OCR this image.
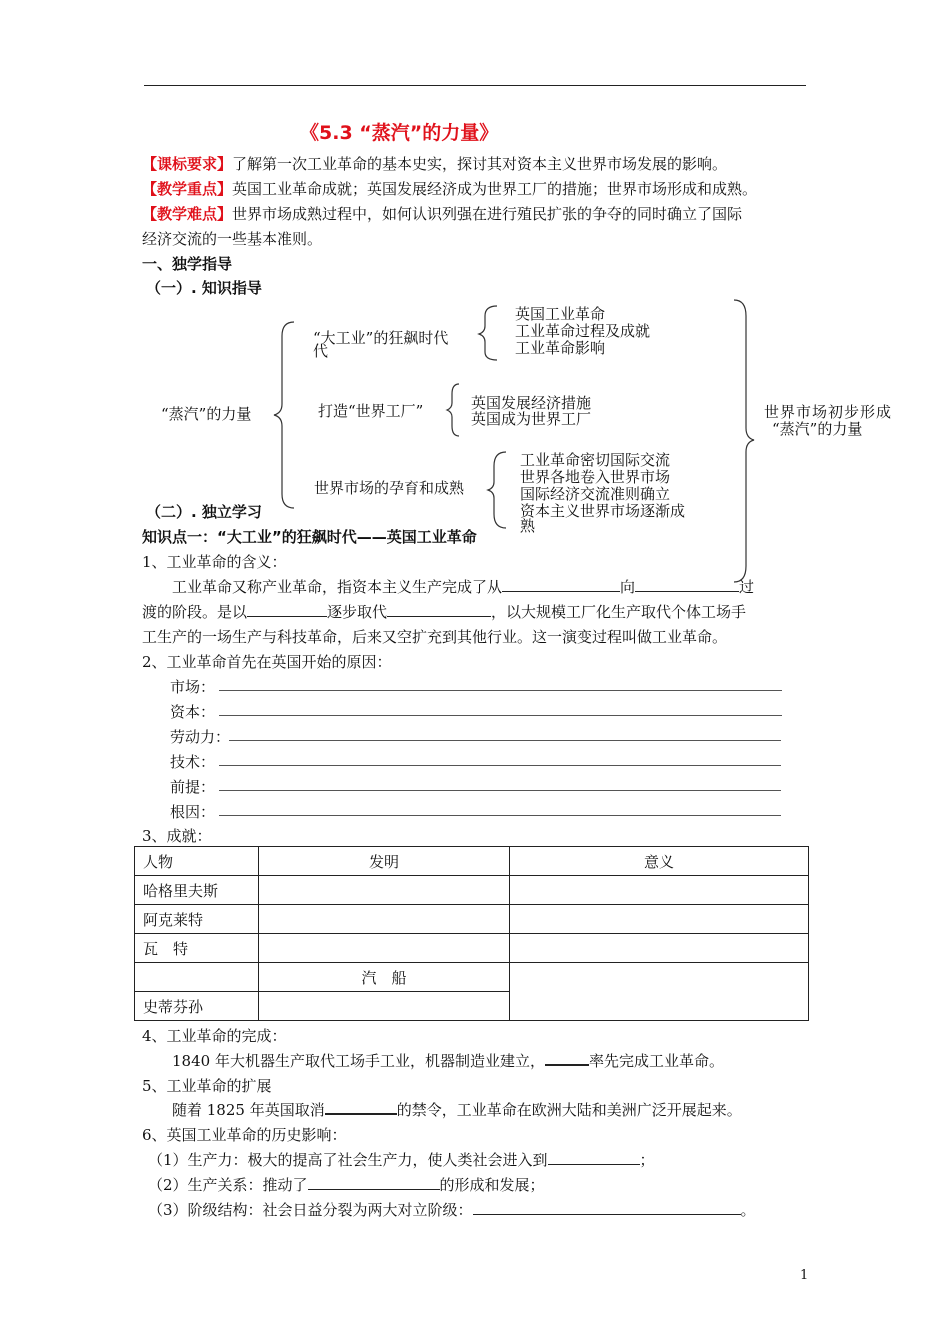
《5.3 “蒸汽”的力量》
【课标要求】了解第一次工业革命的基本史实，探讨其对资本主义世界市场发展的影响。
【教学重点】英国工业革命成就；英国发展经济成为世界工厂的措施；世界市场形成和成熟。
【教学难点】世界市场成熟过程中，如何认识列强在进行殖民扩张的争夺的同时确立了国际
经济交流的一些基本准则。
一、独学指导
（一）. 知识指导
“蒸汽”的力量
“大工业”的狂飙时代
代
英国工业革命
工业革命过程及成就
工业革命影响
打造“世界工厂”	英国发展经济措施
英国成为世界工厂
世界市场的孕育和成熟
工业革命密切国际交流
世界各地卷入世界市场
国际经济交流准则确立
资本主义世界市场逐渐成
熟
世界市场初步形成
“蒸汽”的力量
（二）. 独立学习
知识点一：“大工业”的狂飙时代——英国工业革命
1、工业革命的含义：
工业革命又称产业革命，指资本主义生产完成了从	向	过
渡的阶段。是以	逐步取代	，以大规模工厂化生产取代个体工场手
工生产的一场生产与科技革命，后来又空扩充到其他行业。这一演变过程叫做工业革命。
2、工业革命首先在英国开始的原因：
市场：
资本：
劳动力：
技术：
前提：
根因：
3、成就：
人物	发明	意义
哈格里夫斯		
阿克莱特		
瓦　特		
	汽　船	
史蒂芬孙		
4、工业革命的完成：
1840 年大机器生产取代工场手工业，机器制造业建立，	率先完成工业革命。
5、工业革命的扩展
随着 1825 年英国取消	的禁令，工业革命在欧洲大陆和美洲广泛开展起来。
6、英国工业革命的历史影响：
（1）生产力：极大的提高了社会生产力，使人类社会进入到	；
（2）生产关系：推动了	的形成和发展；
（3）阶级结构：社会日益分裂为两大对立阶级：	。
1
